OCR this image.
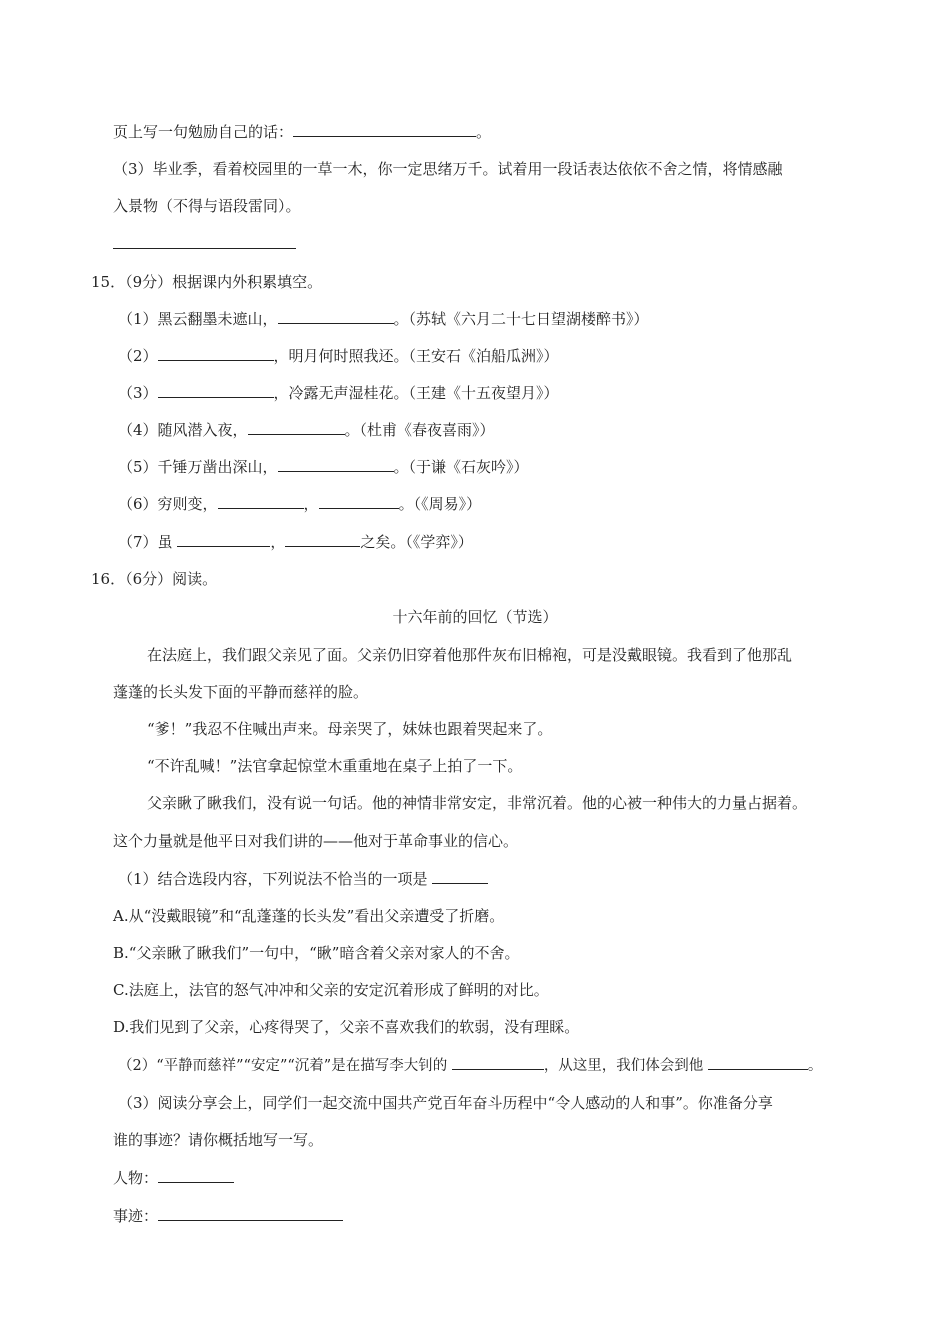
页上写一句勉励自己的话：	。
（3）毕业季，看着校园里的一草一木，你一定思绪万千。试着用一段话表达依依不舍之情，将情感融
入景物（不得与语段雷同）。
15．（9分）根据课内外积累填空。
（1）黑云翻墨未遮山，	。（苏轼《六月二十七日望湖楼醉书》）
（2）	，明月何时照我还。（王安石《泊船瓜洲》）
（3）	，冷露无声湿桂花。（王建《十五夜望月》）
（4）随风潜入夜，	。（杜甫《春夜喜雨》）
（5）千锤万凿出深山，	。（于谦《石灰吟》）
（6）穷则变，	，	。（《周易》）
（7）虽	，	之矣。（《学弈》）
16．（6分）阅读。
十六年前的回忆（节选）
在法庭上，我们跟父亲见了面。父亲仍旧穿着他那件灰布旧棉袍，可是没戴眼镜。我看到了他那乱
蓬蓬的长头发下面的平静而慈祥的脸。
“爹！”我忍不住喊出声来。母亲哭了，妹妹也跟着哭起来了。
“不许乱喊！”法官拿起惊堂木重重地在桌子上拍了一下。
父亲瞅了瞅我们，没有说一句话。他的神情非常安定，非常沉着。他的心被一种伟大的力量占据着。
这个力量就是他平日对我们讲的——他对于革命事业的信心。
（1）结合选段内容，下列说法不恰当的一项是
A.从“没戴眼镜”和“乱蓬蓬的长头发”看出父亲遭受了折磨。
B.“父亲瞅了瞅我们”一句中，“瞅”暗含着父亲对家人的不舍。
C.法庭上，法官的怒气冲冲和父亲的安定沉着形成了鲜明的对比。
D.我们见到了父亲，心疼得哭了，父亲不喜欢我们的软弱，没有理睬。
（2）“平静而慈祥”“安定”“沉着”是在描写李大钊的	，从这里，我们体会到他	。
（3）阅读分享会上，同学们一起交流中国共产党百年奋斗历程中“令人感动的人和事”。你准备分享
谁的事迹？请你概括地写一写。
人物：
事迹：
